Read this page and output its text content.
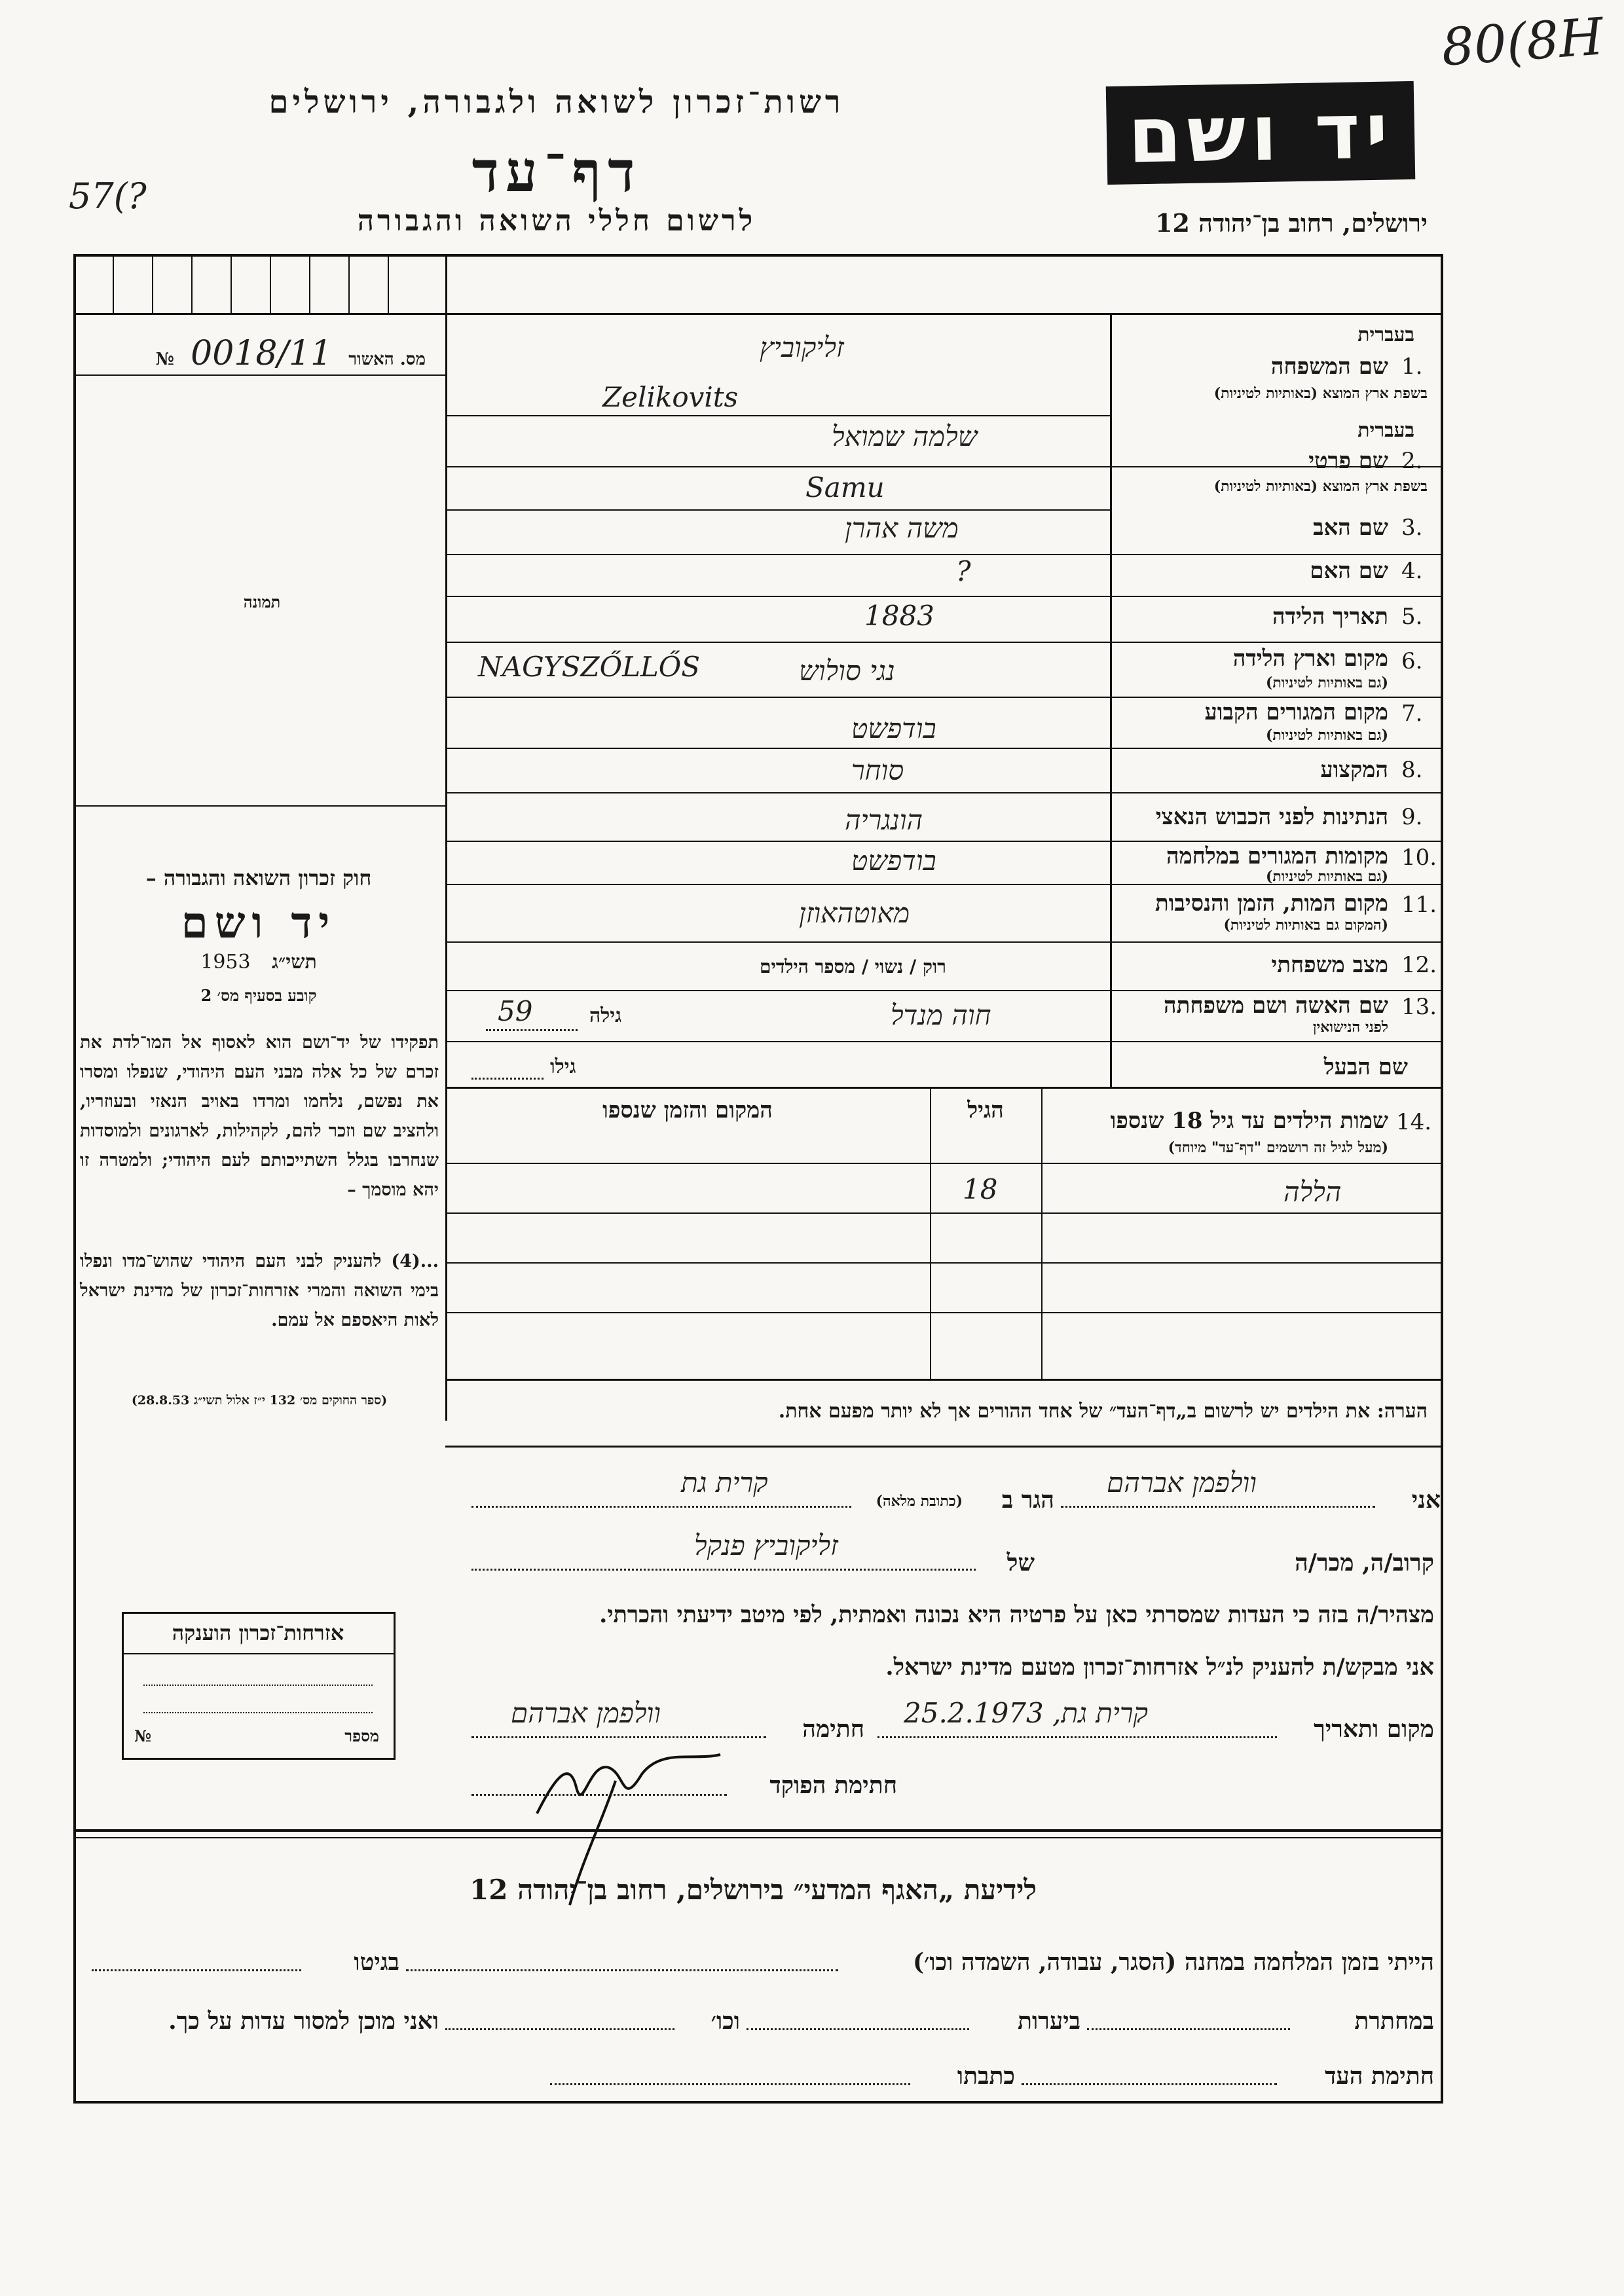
80(8H
יד ושם
ירושלים, רחוב בן־יהודה 12
רשות־זכרון לשואה ולגבורה, ירושלים
דף־עד
לרשום חללי השואה והגבורה
57(?
מס. האשור 0018/11 №
תמונה
חוק זכרון השואה והגבורה –
יד ושם
תשי״ג 1953
קובע בסעיף מס׳ 2
תפקידו של יד־ושם הוא לאסוף אל המו־לדת את זכרם של כל אלה מבני העם היהודי, שנפלו ומסרו את נפשם, נלחמו ומרדו באויב הנאזי ובעוזריו, ולהציב שם וזכר להם, לקהילות, לארגונים ולמוסדות שנחרבו בגלל השתייכותם לעם היהודי; ולמטרה זו יהא מוסמך –
...(4) להעניק לבני העם היהודי שהוש־מדו ונפלו בימי השואה והמרי אזרחות־זכרון של מדינת ישראל לאות היאספם אל עמם.
(ספר החוקים מס׳ 132 י״ז אלול תשי״ג 28.8.53)
בעברית
שם המשפחה 1.
בשפת ארץ המוצא (באותיות לטיניות)
זליקוביץ
Zelikovits
בעברית
שם פרטי 2.
בשפת ארץ המוצא (באותיות לטיניות)
שלמה שמואל
Samu
שם האב 3.
משה אהרן
שם האם 4.
?
תאריך הלידה 5.
1883
מקום וארץ הלידה 6.
(גם באותיות לטיניות)
נגי סולוש
NAGYSZŐLLŐS
מקום המגורים הקבוע 7.
(גם באותיות לטיניות)
בודפשט
המקצוע 8.
סוחר
הנתינות לפני הכבוש הנאצי 9.
הונגריה
מקומות המגורים במלחמה 10.
(גם באותיות לטיניות)
בודפשט
מקום המות, הזמן והנסיבות 11.
(המקום גם באותיות לטיניות)
מאוטהאוזן
מצב משפחתי 12.
רוק / נשוי / מספר הילדים
שם האשה ושם משפחתה 13.
לפני הנישואין
חוה מנדל
גילה
59
שם הבעל
גילו
14.
שמות הילדים עד גיל 18 שנספו
(מעל לגיל זה רושמים "דף־עד" מיוחד)
הגיל
המקום והזמן שנספו
הללה
18
הערה: את הילדים יש לרשום ב„דף־העד״ של אחד ההורים אך לא יותר מפעם אחת.
אני
וולפמן אברהם
הגר ב
(כתובת מלאה)
קרית גת
קרוב/ה, מכר/ה
של
זליקוביץ פנקל
מצהיר/ה בזה כי העדות שמסרתי כאן על פרטיה היא נכונה ואמתית, לפי מיטב ידיעתי והכרתי.
אני מבקש/ת להעניק לנ״ל אזרחות־זכרון מטעם מדינת ישראל.
מקום ותאריך
קרית גת, 25.2.1973
חתימה
וולפמן אברהם
חתימת הפוקד
אזרחות־זכרון הוענקה
מספר
№
לידיעת „האגף המדעי״ בירושלים, רחוב בן־יהודה 12
הייתי בזמן המלחמה במחנה (הסגר, עבודה, השמדה וכו׳)
בגיטו
במחתרת
ביערות
וכו׳
ואני מוכן למסור עדות על כך.
חתימת העד
כתבתו
